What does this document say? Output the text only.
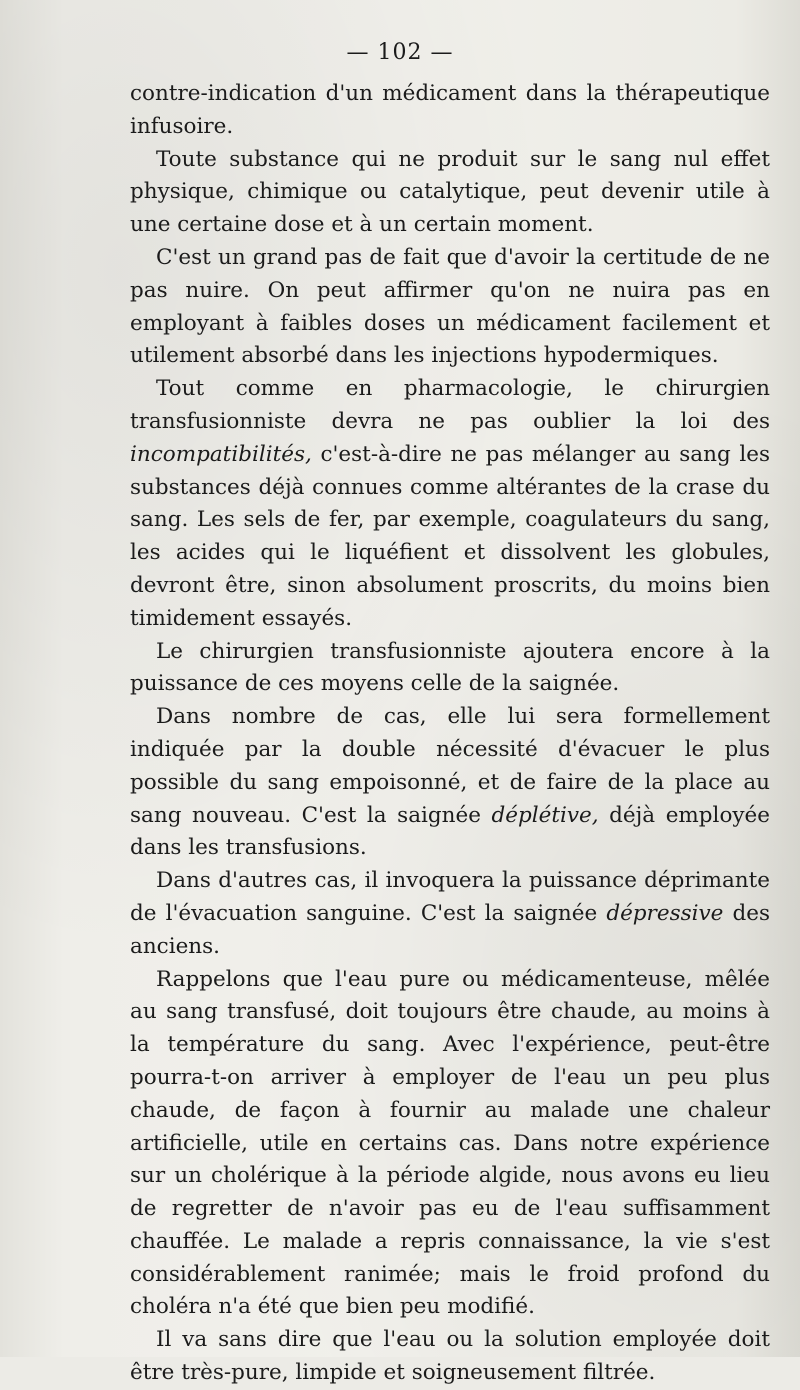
— 102 —

contre-indication d'un médicament dans la thérapeutique infusoire.

Toute substance qui ne produit sur le sang nul effet physique, chimique ou catalytique, peut devenir utile à une certaine dose et à un certain moment.

C'est un grand pas de fait que d'avoir la certitude de ne pas nuire. On peut affirmer qu'on ne nuira pas en employant à faibles doses un médicament facilement et utilement absorbé dans les injections hypodermiques.

Tout comme en pharmacologie, le chirurgien transfusionniste devra ne pas oublier la loi des incompatibilités, c'est-à-dire ne pas mélanger au sang les substances déjà connues comme altérantes de la crase du sang. Les sels de fer, par exemple, coagulateurs du sang, les acides qui le liquéfient et dissolvent les globules, devront être, sinon absolument proscrits, du moins bien timidement essayés.

Le chirurgien transfusionniste ajoutera encore à la puissance de ces moyens celle de la saignée.

Dans nombre de cas, elle lui sera formellement indiquée par la double nécessité d'évacuer le plus possible du sang empoisonné, et de faire de la place au sang nouveau. C'est la saignée déplétive, déjà employée dans les transfusions.

Dans d'autres cas, il invoquera la puissance déprimante de l'évacuation sanguine. C'est la saignée dépressive des anciens.

Rappelons que l'eau pure ou médicamenteuse, mêlée au sang transfusé, doit toujours être chaude, au moins à la température du sang. Avec l'expérience, peut-être pourra-t-on arriver à employer de l'eau un peu plus chaude, de façon à fournir au malade une chaleur artificielle, utile en certains cas. Dans notre expérience sur un cholérique à la période algide, nous avons eu lieu de regretter de n'avoir pas eu de l'eau suffisamment chauffée. Le malade a repris connaissance, la vie s'est considérablement ranimée; mais le froid profond du choléra n'a été que bien peu modifié.

Il va sans dire que l'eau ou la solution employée doit être très-pure, limpide et soigneusement filtrée.
